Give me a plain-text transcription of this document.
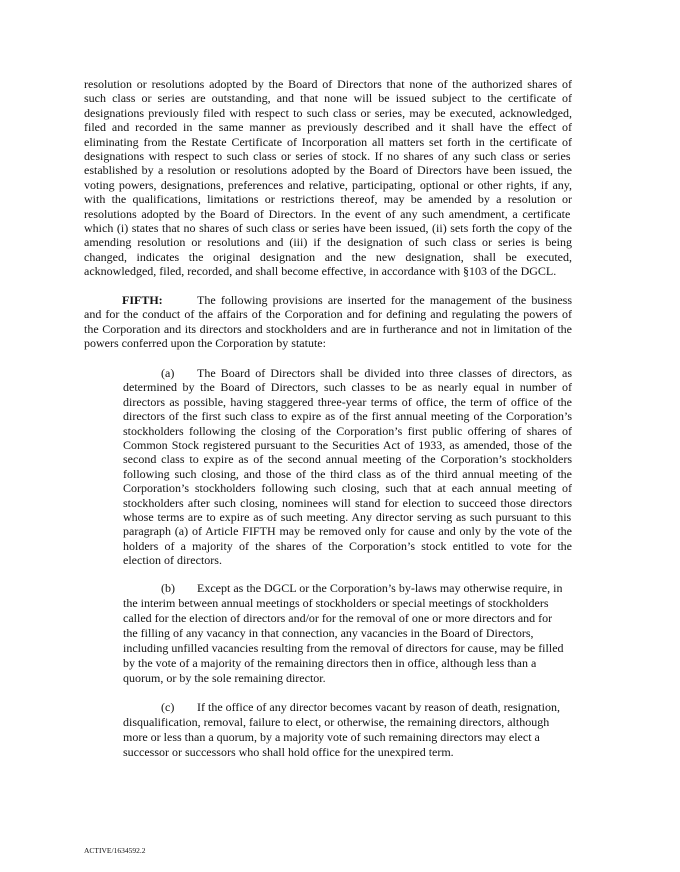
resolution or resolutions adopted by the Board of Directors that none of the authorized shares of
such class or series are outstanding, and that none will be issued subject to the certificate of
designations previously filed with respect to such class or series, may be executed, acknowledged,
filed and recorded in the same manner as previously described and it shall have the effect of
eliminating from the Restate Certificate of Incorporation all matters set forth in the certificate of
designations with respect to such class or series of stock. If no shares of any such class or series
established by a resolution or resolutions adopted by the Board of Directors have been issued, the
voting powers, designations, preferences and relative, participating, optional or other rights, if any,
with the qualifications, limitations or restrictions thereof, may be amended by a resolution or
resolutions adopted by the Board of Directors. In the event of any such amendment, a certificate
which (i) states that no shares of such class or series have been issued, (ii) sets forth the copy of the
amending resolution or resolutions and (iii) if the designation of such class or series is being
changed, indicates the original designation and the new designation, shall be executed,
acknowledged, filed, recorded, and shall become effective, in accordance with §103 of the DGCL.
FIFTH:	The following provisions are inserted for the management of the business
and for the conduct of the affairs of the Corporation and for defining and regulating the powers of
the Corporation and its directors and stockholders and are in furtherance and not in limitation of the
powers conferred upon the Corporation by statute:
(a) The Board of Directors shall be divided into three classes of directors, as
determined by the Board of Directors, such classes to be as nearly equal in number of
directors as possible, having staggered three-year terms of office, the term of office of the
directors of the first such class to expire as of the first annual meeting of the Corporation’s
stockholders following the closing of the Corporation’s first public offering of shares of
Common Stock registered pursuant to the Securities Act of 1933, as amended, those of the
second class to expire as of the second annual meeting of the Corporation’s stockholders
following such closing, and those of the third class as of the third annual meeting of the
Corporation’s stockholders following such closing, such that at each annual meeting of
stockholders after such closing, nominees will stand for election to succeed those directors
whose terms are to expire as of such meeting. Any director serving as such pursuant to this
paragraph (a) of Article FIFTH may be removed only for cause and only by the vote of the
holders of a majority of the shares of the Corporation’s stock entitled to vote for the
election of directors.
(b) Except as the DGCL or the Corporation’s by-laws may otherwise require, in
the interim between annual meetings of stockholders or special meetings of stockholders
called for the election of directors and/or for the removal of one or more directors and for
the filling of any vacancy in that connection, any vacancies in the Board of Directors,
including unfilled vacancies resulting from the removal of directors for cause, may be filled
by the vote of a majority of the remaining directors then in office, although less than a
quorum, or by the sole remaining director.
(c) If the office of any director becomes vacant by reason of death, resignation,
disqualification, removal, failure to elect, or otherwise, the remaining directors, although
more or less than a quorum, by a majority vote of such remaining directors may elect a
successor or successors who shall hold office for the unexpired term.
ACTIVE/1634592.2
